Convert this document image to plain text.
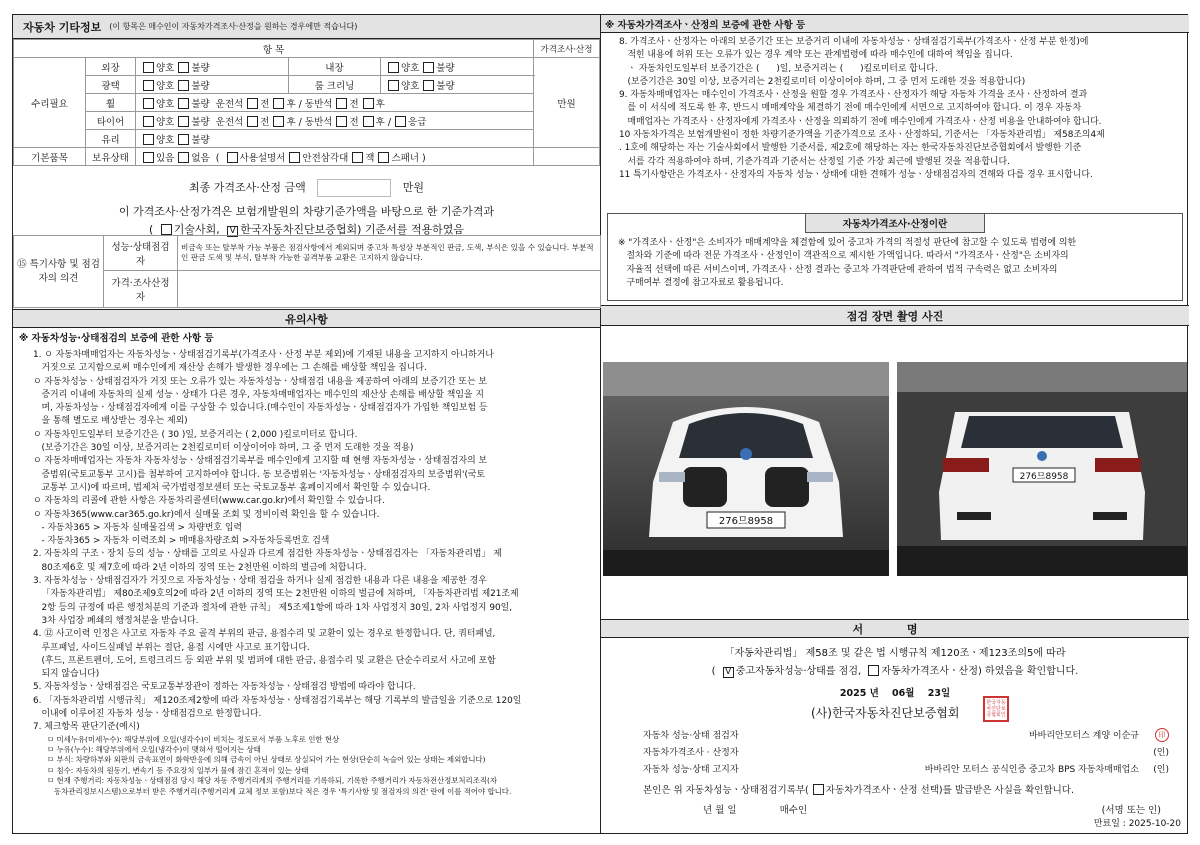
자동차 기타정보 (이 항목은 매수인이 자동차가격조사·산정을 원하는 경우에만 적습니다)
항 목					가격조사·산정
수리필요	외장	양호 불량	내장	양호 불량	만원
	광택	양호 불량	룸 크리닝	양호 불량	
	휠	양호 불량 운전석 전 후 / 동반석 전 후			
	타이어	양호 불량 운전석 전 후 / 동반석 전 후 / 응급			
	유리	양호 불량			
기본품목	보유상태	있음 없음 ( 사용설명서 안전삼각대 잭 스패너 )			
최종 가격조사·산정 금액	만원
이 가격조사·산정가격은 보험개발원의 차량기준가액을 바탕으로 한 기준가격과
( 기술사회, V 한국자동차진단보증협회) 기준서를 적용하였음
⑮ 특기사항 및 점검자의 의견	성능·상태점검자	비금속 또는 탈부착 가능 부품은 점검사항에서 제외되며 중고차 특성상 부분적인 판금, 도색, 부식은 있을 수 있습니다. 부분적인 판금 도색 및 부식, 탈부착 가능한 골격부품 교환은 고지하지 않습니다.
	가격·조사산정자	
유의사항
※ 자동차성능·상태점검의 보증에 관한 사항 등
1. ㅇ 자동차매매업자는 자동차성능ㆍ상태점검기록부(가격조사ㆍ산정 부분 제외)에 기재된 내용을 고지하지 아니하거나
거짓으로 고지함으로써 매수인에게 재산상 손해가 발생한 경우에는 그 손해를 배상할 책임을 집니다.
ㅇ 자동차성능ㆍ상태점검자가 거짓 또는 오류가 있는 자동차성능ㆍ상태점검 내용을 제공하여 아래의 보증기간 또는 보
증거리 이내에 자동차의 실제 성능ㆍ상태가 다른 경우, 자동차매매업자는 매수인의 재산상 손해를 배상할 책임을 지
며, 자동차성능ㆍ상태점검자에게 이를 구상할 수 있습니다.(매수인이 자동차성능ㆍ상태점검자가 가입한 책임보험 등
을 통해 별도로 배상받는 경우는 제외)
ㅇ 자동차인도일부터 보증기간은 ( 30 )일, 보증거리는 ( 2,000 )킬로미터로 합니다.
(보증기간은 30일 이상, 보증거리는 2천킬로미터 이상이어야 하며, 그 중 먼저 도래한 것을 적용)
ㅇ 자동차매매업자는 자동차 자동차성능ㆍ상태점검기록부를 매수인에게 고지할 때 현행 자동차성능ㆍ상태점검자의 보
증범위(국토교통부 고시)를 첨부하여 고지하여야 합니다. 동 보증범위는 '자동차성능ㆍ상태점검자의 보증범위'(국토
교통부 고시)에 따르며, 법제처 국가법령정보센터 또는 국토교통부 홈페이지에서 확인할 수 있습니다.
ㅇ 자동차의 리콜에 관한 사항은 자동차리콜센터(www.car.go.kr)에서 확인할 수 있습니다.
ㅇ 자동차365(www.car365.go.kr)에서 실매물 조회 및 정비이력 확인을 할 수 있습니다.
- 자동차365 > 자동차 실매물검색 > 차량번호 입력
- 자동차365 > 자동차 이력조회 > 매매용차량조회 >자동차등록번호 검색
2. 자동차의 구조ㆍ장치 등의 성능ㆍ상태를 고의로 사실과 다르게 점검한 자동차성능ㆍ상태점검자는 「자동차관리법」 제
80조제6호 및 제7호에 따라 2년 이하의 징역 또는 2천만원 이하의 벌금에 처합니다.
3. 자동차성능ㆍ상태점검자가 거짓으로 자동차성능ㆍ상태 점검을 하거나 실제 점검한 내용과 다른 내용을 제공한 경우
「자동차관리법」 제80조제9호의2에 따라 2년 이하의 징역 또는 2천만원 이하의 벌금에 처하며, 「자동차관리법 제21조제
2항 등의 규정에 따른 행정처분의 기준과 절차에 관한 규칙」 제5조제1항에 따라 1차 사업정지 30일, 2차 사업정지 90일,
3차 사업장 폐쇄의 행정처분을 받습니다.
4. ⑫ 사고이력 인정은 사고로 자동차 주요 골격 부위의 판금, 용접수리 및 교환이 있는 경우로 한정합니다. 단, 쿼터패널,
루프패널, 사이드실패널 부위는 절단, 용접 시에만 사고로 표기합니다.
(후드, 프론트펜더, 도어, 트렁크리드 등 외판 부위 및 범퍼에 대한 판금, 용접수리 및 교환은 단순수리로서 사고에 포함
되지 않습니다)
5. 자동차성능ㆍ상태점검은 국토교통부장관이 정하는 자동차성능ㆍ상태점검 방법에 따라야 합니다.
6. 「자동차관리법 시행규칙」 제120조제2항에 따라 자동차성능ㆍ상태점검기록부는 해당 기록부의 발급일을 기준으로 120일
이내에 이루어진 자동차 성능ㆍ상태점검으로 한정합니다.
7. 체크항목 판단기준(예시)
ㅁ 미세누유(미세누수): 해당부위에 오일(냉각수)이 비치는 정도로서 부품 노후로 인한 현상
ㅁ 누유(누수): 해당부위에서 오일(냉각수)이 맺혀서 떨어지는 상태
ㅁ 부식: 차량하부와 외판의 금속표면이 화학반응에 의해 금속이 아닌 상태로 상실되어 가는 현상(단순히 녹슬어 있는 상태는 제외합니다)
ㅁ 침수: 자동차의 원동기, 변속기 등 주요장치 일부가 물에 잠긴 흔적이 있는 상태
ㅁ 현재 주행거리: 자동차성능ㆍ상태점검 당시 해당 자동 주행거리계의 주행거리를 기록하되, 기록한 주행거리가 자동차전산정보처리조직(자
동차관리정보시스템)으로부터 받은 주행거리(주행거리계 교체 정보 포함)보다 적은 경우 '특기사항 및 점검자의 의견' 란에 이를 적어야 합니다.
※ 자동차가격조사ㆍ산정의 보증에 관한 사항 등
8. 가격조사ㆍ산정자는 아래의 보증기간 또는 보증거리 이내에 자동차성능ㆍ상태점검기록부(가격조사ㆍ산정 부분 한정)에
적힌 내용에 허위 또는 오류가 있는 경우 계약 또는 관계법령에 따라 매수인에 대하여 책임을 집니다.
ㆍ 자동차인도일부터 보증기간은 (      )일, 보증거리는 (      )킬로미터로 합니다.
(보증기간은 30일 이상, 보증거리는 2천킬로미터 이상이어야 하며, 그 중 먼저 도래한 것을 적용합니다)
9. 자동차매매업자는 매수인이 가격조사ㆍ산정을 원할 경우 가격조사ㆍ산정자가 해당 자동차 가격을 조사ㆍ산정하여 결과
를 이 서식에 적도록 한 후, 반드시 매매계약을 체결하기 전에 매수인에게 서면으로 고지하여야 합니다. 이 경우 자동차
매매업자는 가격조사ㆍ산정자에게 가격조사ㆍ산정을 의뢰하기 전에 매수인에게 가격조사ㆍ산정 비용을 안내하여야 합니다.
10 자동차가격은 보험개발원이 정한 차량기준가액을 기준가격으로 조사ㆍ산정하되, 기준서는 「자동차관리법」 제58조의4제
. 1호에 해당하는 자는 기술사회에서 발행한 기준서를, 제2호에 해당하는 자는 한국자동차진단보증협회에서 발행한 기준
서를 각각 적용하여야 하며, 기준가격과 기준서는 산정일 기준 가장 최근에 발행된 것을 적용합니다.
11 특기사항란은 가격조사ㆍ산정자의 자동차 성능ㆍ상태에 대한 견해가 성능ㆍ상태점검자의 견해와 다를 경우 표시합니다.
자동차가격조사·산정이란
※ "가격조사ㆍ산정"은 소비자가 매매계약을 체결함에 있어 중고차 가격의 적절성 판단에 참고할 수 있도록 법령에 의한
절차와 기준에 따라 전문 가격조사ㆍ산정인이 객관적으로 제시한 가액입니다. 따라서 "가격조사ㆍ산정"은 소비자의
자율적 선택에 따른 서비스이며, 가격조사ㆍ산정 결과는 중고차 가격판단에 관하여 법적 구속력은 없고 소비자의
구매여부 결정에 참고자료로 활용됩니다.
점검 장면 촬영 사진
276므8958
276므8958
서 명
「자동차관리법」 제58조 및 같은 법 시행규칙 제120조ㆍ제123조의5에 따라
( V 중고자동차성능·상태를 점검, 자동차가격조사ㆍ산정) 하였음을 확인합니다.
2025 년 06월 23일
(사)한국자동차진단보증협회
한국자동차진단보증협회인
자동차 성능·상태 점검자	바바리안모터스 계양 이순규	印
자동차가격조사 · 산정자	(인)
자동차 성능·상태 고지자	바바리안 모터스 공식인증 중고차 BPS 자동차매매업소 (인)
본인은 위 자동차성능ㆍ상태점검기록부( 자동차가격조사ㆍ산정 선택)를 발급받은 사실을 확인합니다.
년 월 일	매수인	(서명 또는 인)
만료일 : 2025-10-20
